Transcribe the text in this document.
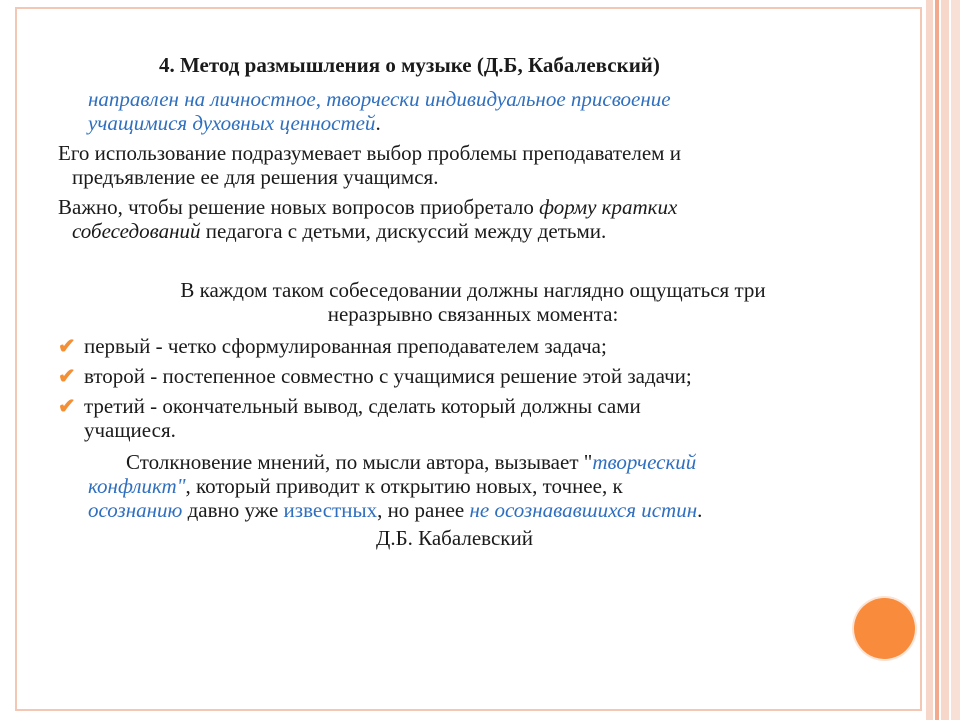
4. Метод размышления о музыке (Д.Б, Кабалевский)
направлен на личностное, творчески индивидуальное присвоение
учащимися духовных ценностей.
Его использование подразумевает выбор проблемы преподавателем и
предъявление ее для решения учащимся.
Важно, чтобы решение новых вопросов приобретало форму кратких
собеседований педагога с детьми, дискуссий между детьми.
В каждом таком собеседовании должны наглядно ощущаться три
неразрывно связанных момента:
✔ первый - четко сформулированная преподавателем задача;
✔ второй - постепенное совместно с учащимися решение этой задачи;
✔ третий - окончательный вывод, сделать который должны сами
учащиеся.
Столкновение мнений, по мысли автора, вызывает "творческий
конфликт", который приводит к открытию новых, точнее, к
осознанию давно уже известных, но ранее не осознававшихся истин.
Д.Б. Кабалевский
